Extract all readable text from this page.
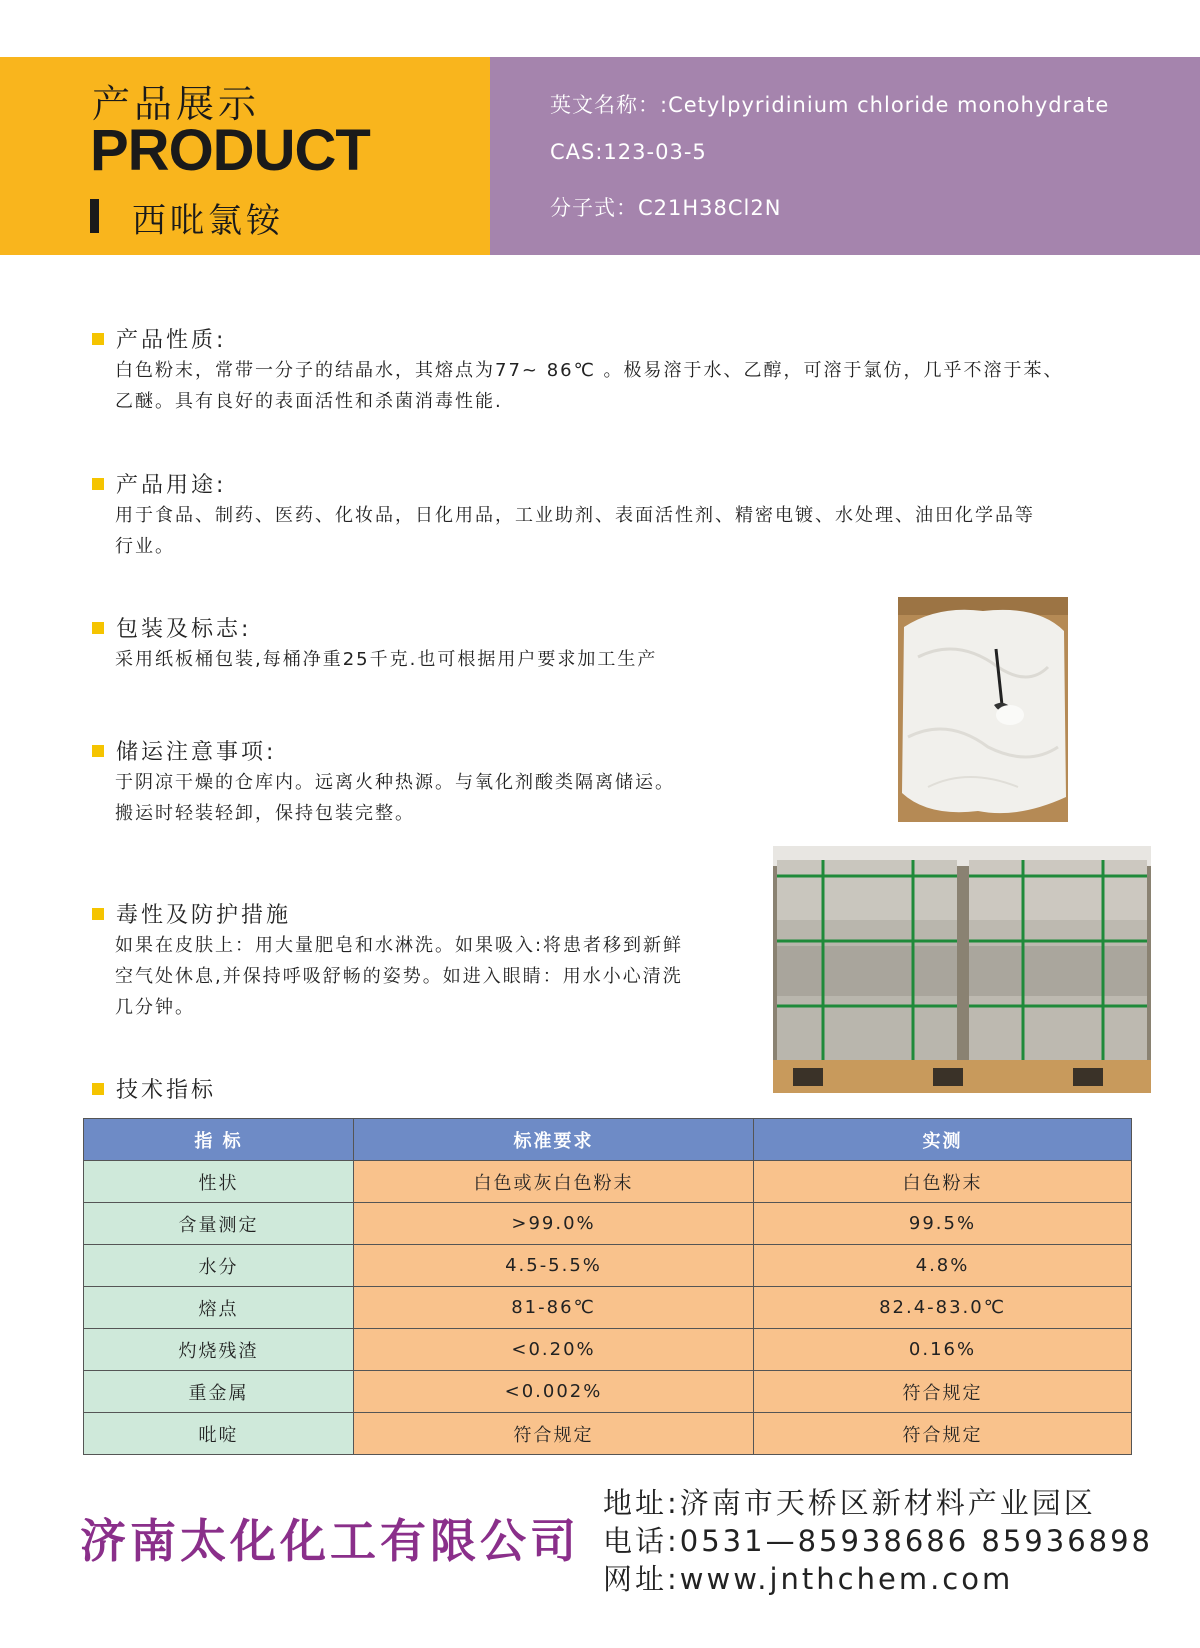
产品展示
PRODUCT
西吡氯铵
英文名称：:Cetylpyridinium chloride monohydrate
CAS:123-03-5
分子式：C21H38Cl2N
产品性质:
白色粉末，常带一分子的结晶水，其熔点为77~ 86℃ 。极易溶于水、乙醇，可溶于氯仿，几乎不溶于苯、
乙醚。具有良好的表面活性和杀菌消毒性能.
产品用途:
用于食品、制药、医药、化妆品，日化用品，工业助剂、表面活性剂、精密电镀、水处理、油田化学品等
行业。
包装及标志:
采用纸板桶包装,每桶净重25千克.也可根据用户要求加工生产
储运注意事项:
于阴凉干燥的仓库内。远离火种热源。与氧化剂酸类隔离储运。
搬运时轻装轻卸，保持包装完整。
毒性及防护措施
如果在皮肤上：用大量肥皂和水淋洗。如果吸入:将患者移到新鲜
空气处休息,并保持呼吸舒畅的姿势。如进入眼睛：用水小心清洗
几分钟。
技术指标
指 标	标准要求	实测
性状	白色或灰白色粉末	白色粉末
含量测定	>99.0%	99.5%
水分	4.5-5.5%	4.8%
熔点	81-86℃	82.4-83.0℃
灼烧残渣	<0.20%	0.16%
重金属	<0.002%	符合规定
吡啶	符合规定	符合规定
济南太化化工有限公司
地址:济南市天桥区新材料产业园区
电话:0531—85938686 85936898
网址:www.jnthchem.com
